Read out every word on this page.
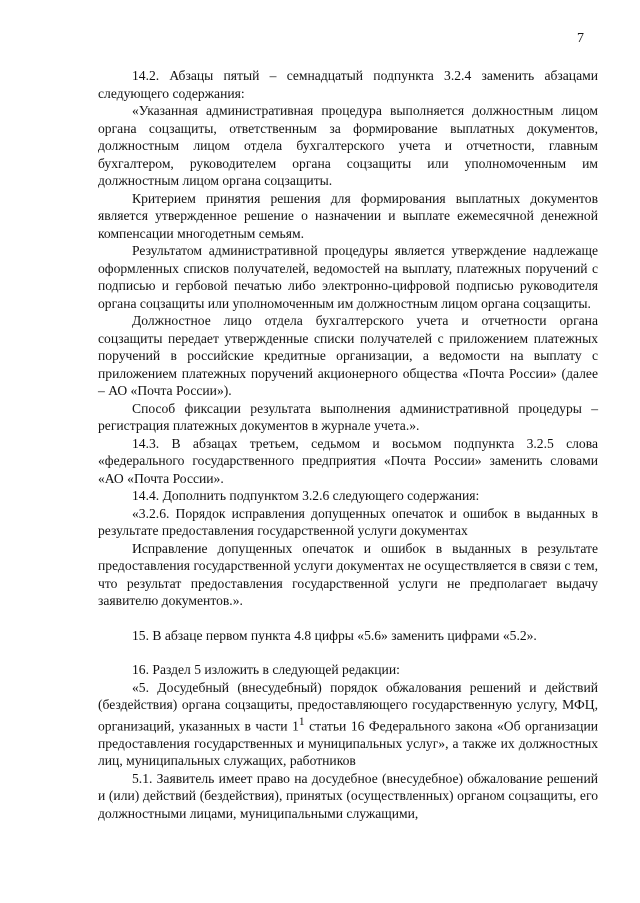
7

14.2. Абзацы пятый – семнадцатый подпункта 3.2.4 заменить абзацами следующего содержания:

«Указанная административная процедура выполняется должностным лицом органа соцзащиты, ответственным за формирование выплатных документов, должностным лицом отдела бухгалтерского учета и отчетности, главным бухгалтером, руководителем органа соцзащиты или уполномоченным им должностным лицом органа соцзащиты.

Критерием принятия решения для формирования выплатных документов является утвержденное решение о назначении и выплате ежемесячной денежной компенсации многодетным семьям.

Результатом административной процедуры является утверждение надлежаще оформленных списков получателей, ведомостей на выплату, платежных поручений с подписью и гербовой печатью либо электронно-цифровой подписью руководителя органа соцзащиты или уполномоченным им должностным лицом органа соцзащиты.

Должностное лицо отдела бухгалтерского учета и отчетности органа соцзащиты передает утвержденные списки получателей с приложением платежных поручений в российские кредитные организации, а ведомости на выплату с приложением платежных поручений акционерного общества «Почта России» (далее – АО «Почта России»).

Способ фиксации результата выполнения административной процедуры – регистрация платежных документов в журнале учета.».

14.3. В абзацах третьем, седьмом и восьмом подпункта 3.2.5 слова «федерального государственного предприятия «Почта России» заменить словами «АО «Почта России».

14.4. Дополнить подпунктом 3.2.6 следующего содержания:

«3.2.6. Порядок исправления допущенных опечаток и ошибок в выданных в результате предоставления государственной услуги документах

Исправление допущенных опечаток и ошибок в выданных в результате предоставления государственной услуги документах не осуществляется в связи с тем, что результат предоставления государственной услуги не предполагает выдачу заявителю документов.».

15. В абзаце первом пункта 4.8 цифры «5.6» заменить цифрами «5.2».

16. Раздел 5 изложить в следующей редакции:

«5. Досудебный (внесудебный) порядок обжалования решений и действий (бездействия) органа соцзащиты, предоставляющего государственную услугу, МФЦ, организаций, указанных в части $1^1$ статьи 16 Федерального закона «Об организации предоставления государственных и муниципальных услуг», а также их должностных лиц, муниципальных служащих, работников

5.1. Заявитель имеет право на досудебное (внесудебное) обжалование решений и (или) действий (бездействия), принятых (осуществленных) органом соцзащиты, его должностными лицами, муниципальными служащими,
